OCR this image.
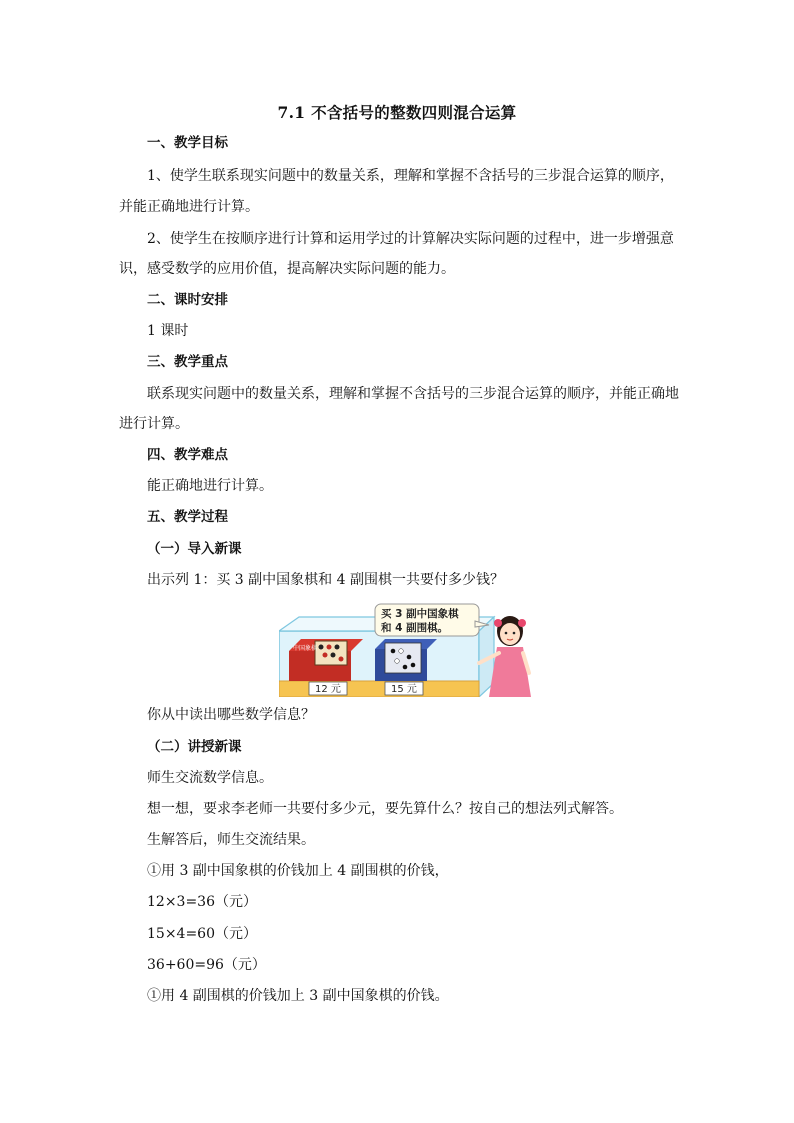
7.1 不含括号的整数四则混合运算
一、教学目标
1、使学生联系现实问题中的数量关系，理解和掌握不含括号的三步混合运算的顺序，
并能正确地进行计算。
2、使学生在按顺序进行计算和运用学过的计算解决实际问题的过程中，进一步增强意
识，感受数学的应用价值，提高解决实际问题的能力。
二、课时安排
1 课时
三、教学重点
联系现实问题中的数量关系，理解和掌握不含括号的三步混合运算的顺序，并能正确地
进行计算。
四、教学难点
能正确地进行计算。
五、教学过程
（一）导入新课
出示列 1：买 3 副中国象棋和 4 副围棋一共要付多少钱？
中国象棋
12 元	15 元
买 3 副中国象棋
和 4 副围棋。
你从中读出哪些数学信息？
（二）讲授新课
师生交流数学信息。
想一想，要求李老师一共要付多少元，要先算什么？按自己的想法列式解答。
生解答后，师生交流结果。
①用 3 副中国象棋的价钱加上 4 副围棋的价钱，
12×3=36（元）
15×4=60（元）
36+60=96（元）
①用 4 副围棋的价钱加上 3 副中国象棋的价钱。
